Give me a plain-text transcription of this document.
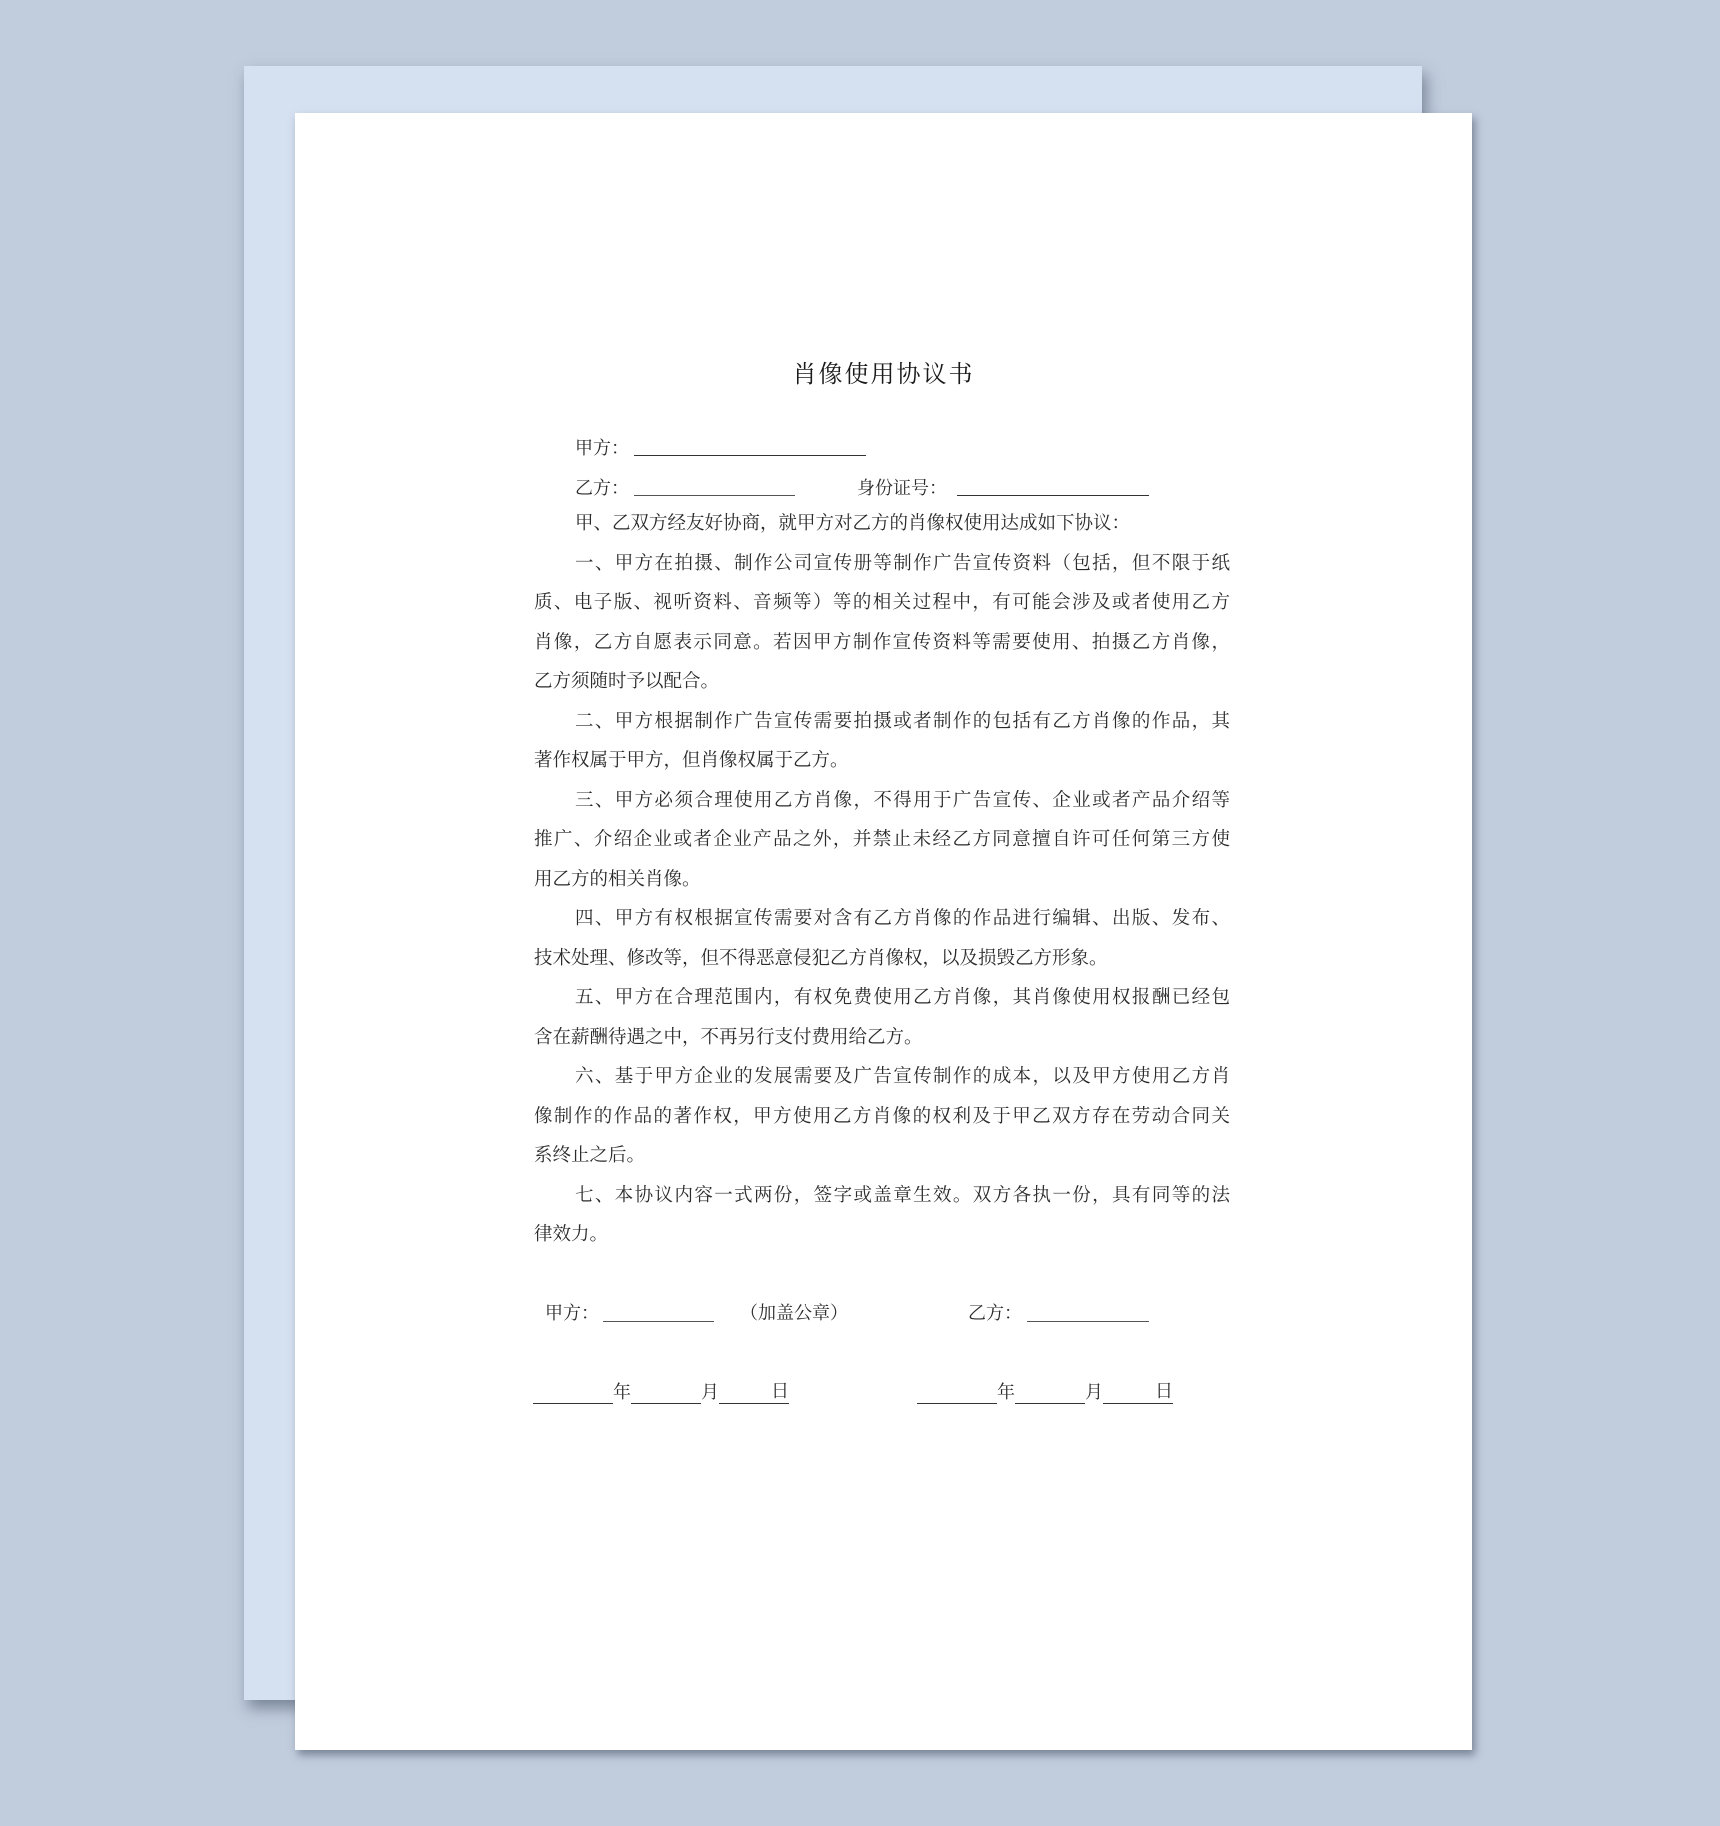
肖像使用协议书
甲方：
乙方：	身份证号：
甲、乙双方经友好协商，就甲方对乙方的肖像权使用达成如下协议：
一、甲方在拍摄、制作公司宣传册等制作广告宣传资料（包括，但不限于纸
质、电子版、视听资料、音频等）等的相关过程中，有可能会涉及或者使用乙方
肖像，乙方自愿表示同意。若因甲方制作宣传资料等需要使用、拍摄乙方肖像，
乙方须随时予以配合。
二、甲方根据制作广告宣传需要拍摄或者制作的包括有乙方肖像的作品，其
著作权属于甲方，但肖像权属于乙方。
三、甲方必须合理使用乙方肖像，不得用于广告宣传、企业或者产品介绍等
推广、介绍企业或者企业产品之外，并禁止未经乙方同意擅自许可任何第三方使
用乙方的相关肖像。
四、甲方有权根据宣传需要对含有乙方肖像的作品进行编辑、出版、发布、
技术处理、修改等，但不得恶意侵犯乙方肖像权，以及损毁乙方形象。
五、甲方在合理范围内，有权免费使用乙方肖像，其肖像使用权报酬已经包
含在薪酬待遇之中，不再另行支付费用给乙方。
六、基于甲方企业的发展需要及广告宣传制作的成本，以及甲方使用乙方肖
像制作的作品的著作权，甲方使用乙方肖像的权利及于甲乙双方存在劳动合同关
系终止之后。
七、本协议内容一式两份，签字或盖章生效。双方各执一份，具有同等的法
律效力。
甲方：	（加盖公章）	乙方：
年	月	日	年	月	日
